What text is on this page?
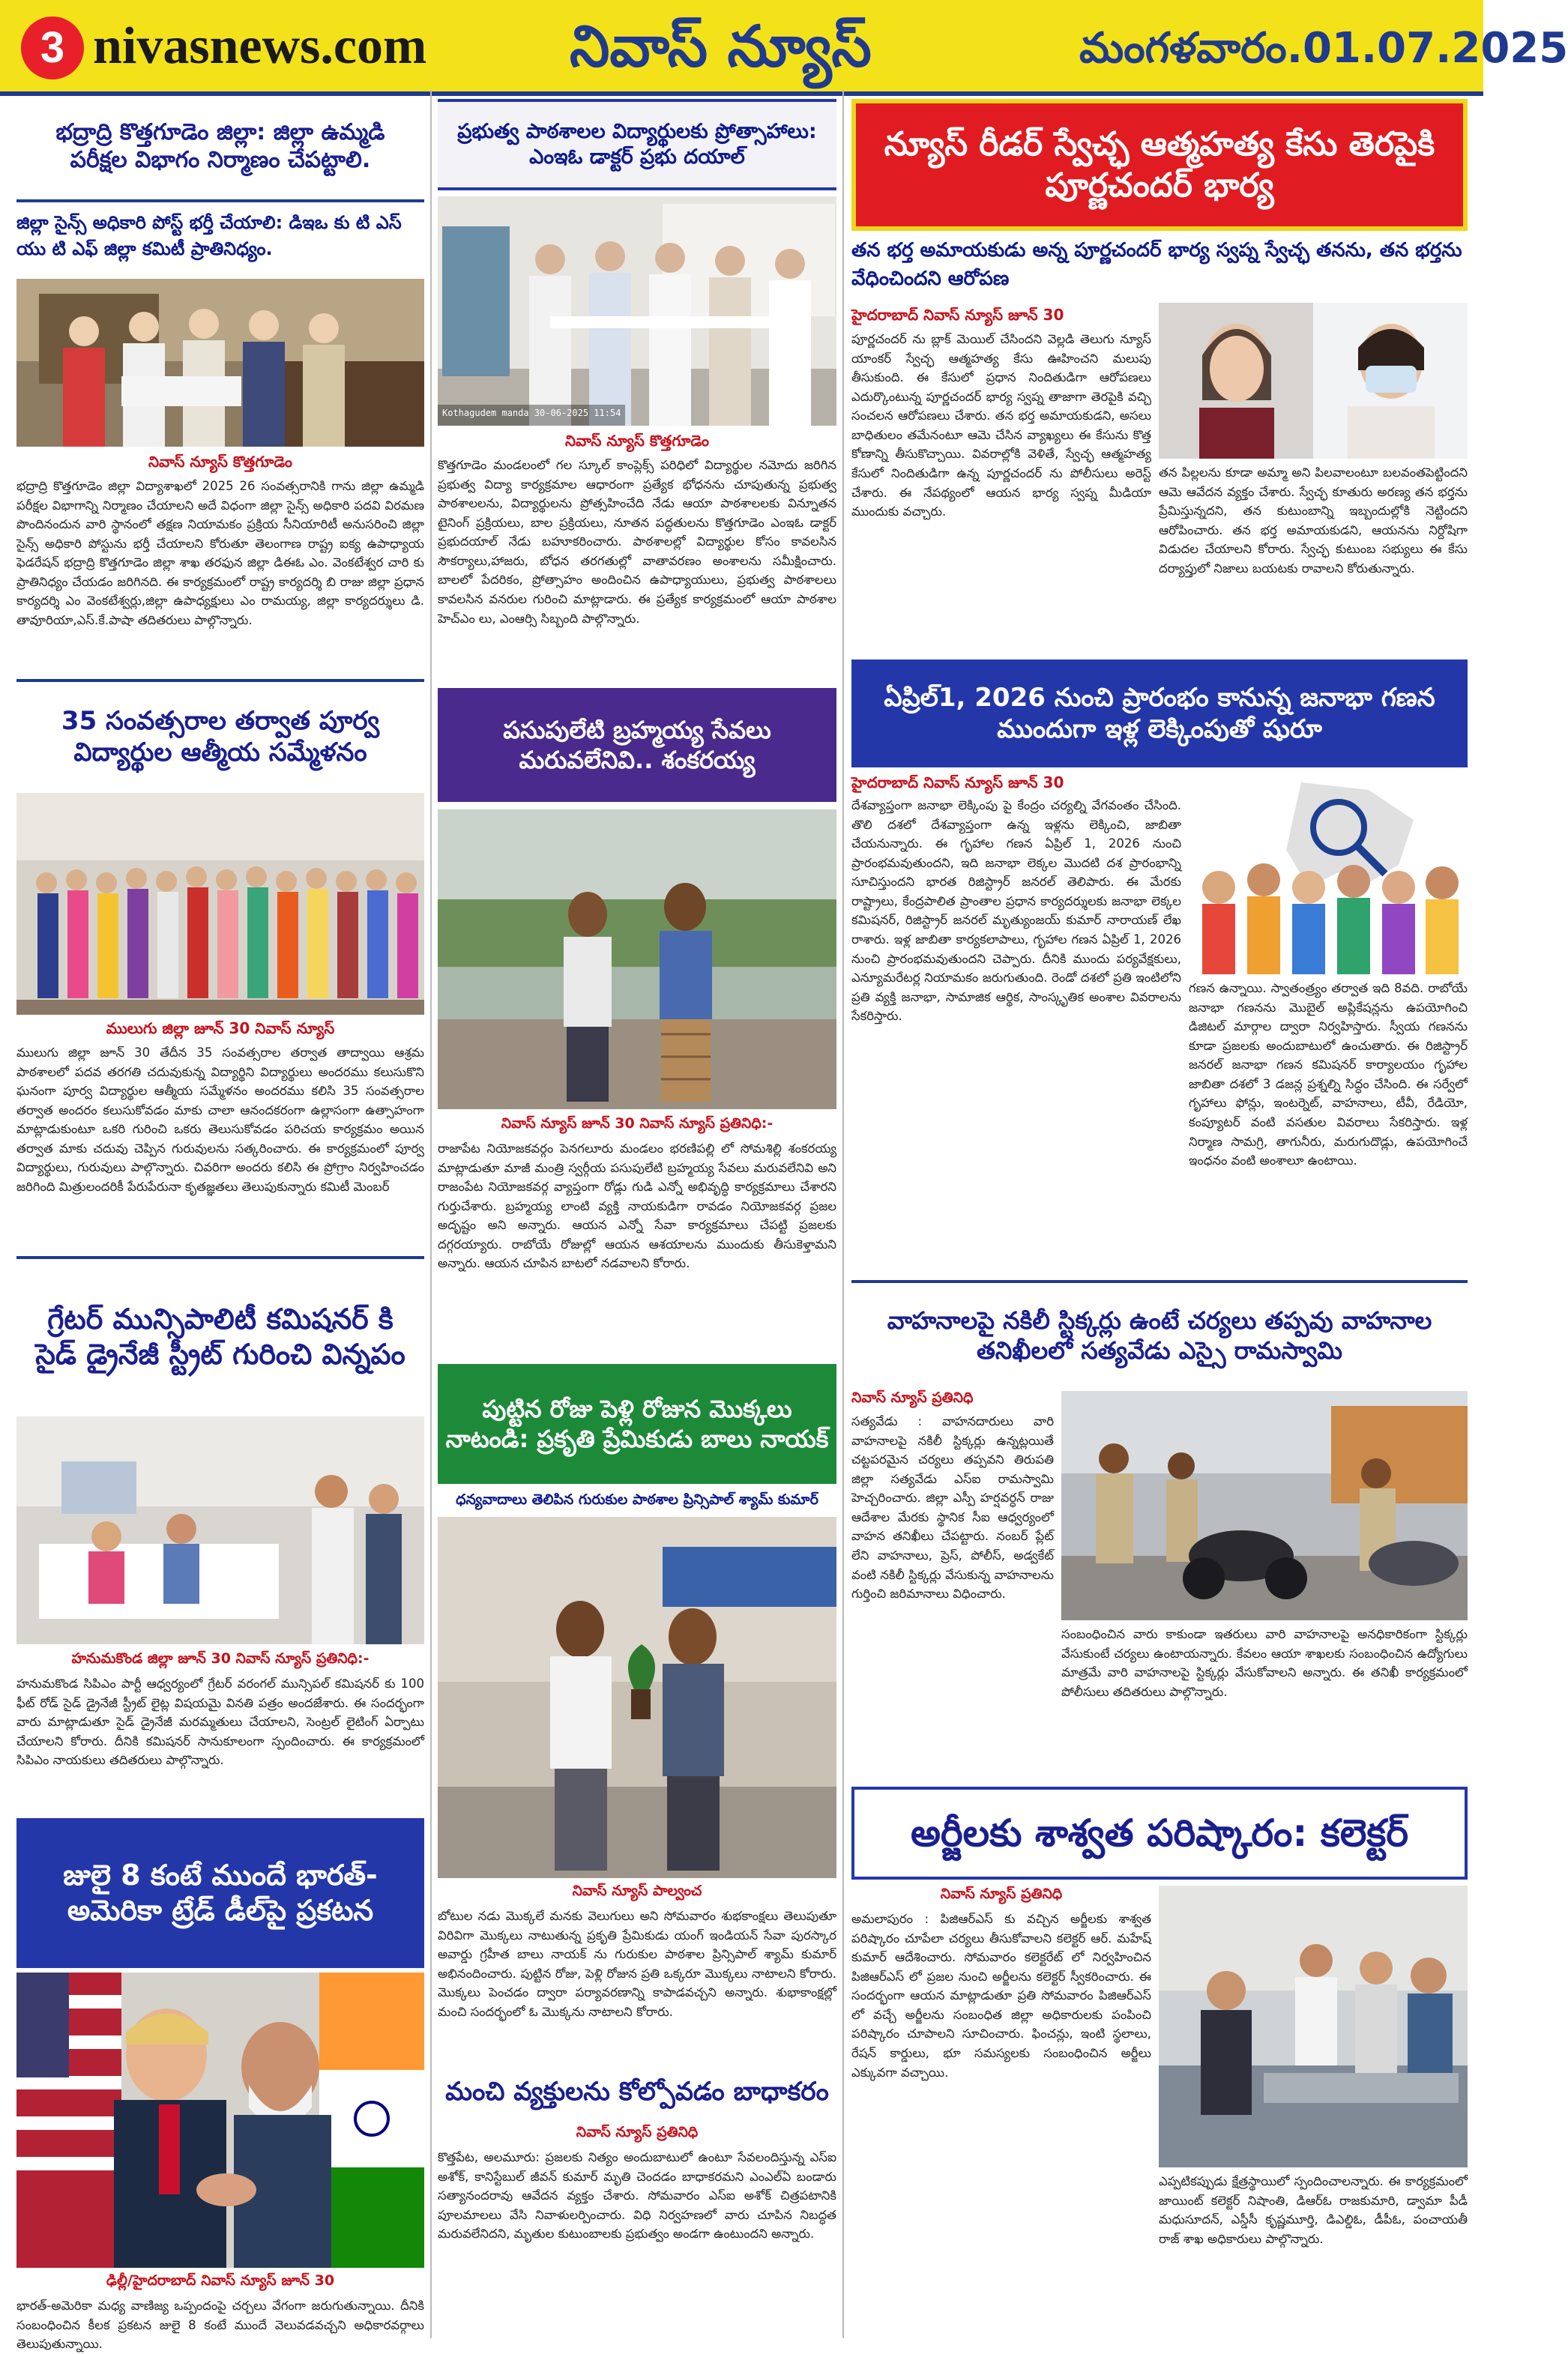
3 nivasnews.com	నివాస్ న్యూస్	మంగళవారం.01.07.2025
భద్రాద్రి కొత్తగూడెం జిల్లా: జిల్లా ఉమ్మడి పరీక్షల విభాగం నిర్మాణం చేపట్టాలి.
జిల్లా సైన్స్ అధికారి పోస్ట్ భర్తీ చేయాలి: డిఇఒ కు టి ఎస్ యు టి ఎఫ్ జిల్లా కమిటీ ప్రాతినిధ్యం.
నివాస్ న్యూస్ కొత్తగూడెం
భద్రాద్రి కొత్తగూడెం జిల్లా విద్యాశాఖలో 2025 26 సంవత్సరానికి గాను జిల్లా ఉమ్మడి పరీక్షల విభాగాన్ని నిర్మాణం చేయాలని అదే విధంగా జిల్లా సైన్స్ అధికారి పదవి విరమణ పొందినందున వారి స్థానంలో తక్షణ నియామకం ప్రక్రియ సీనియారిటీ అనుసరించి జిల్లా సైన్స్ అధికారి పోస్టును భర్తీ చేయాలని కోరుతూ తెలంగాణ రాష్ట్ర ఐక్య ఉపాధ్యాయ ఫెడరేషన్ భద్రాద్రి కొత్తగూడెం జిల్లా శాఖ తరఫున జిల్లా డిఈఓ ఎం. వెంకటేశ్వర చారి కు ప్రాతినిధ్యం చేయడం జరిగినది. ఈ కార్యక్రమంలో రాష్ట్ర కార్యదర్శి బి రాజు జిల్లా ప్రధాన కార్యదర్శి ఎం వెంకటేశ్వర్లు,జిల్లా ఉపాధ్యక్షులు ఎం రామయ్య, జిల్లా కార్యదర్శులు డి. తావూరియా,ఎస్.కే.పాషా తదితరులు పాల్గొన్నారు.
ప్రభుత్వ పాఠశాలల విద్యార్థులకు ప్రోత్సాహాలు: ఎంఇఓ డాక్టర్ ప్రభు దయాల్
Kothagudem manda 30-06-2025 11:54
నివాస్ న్యూస్ కొత్తగూడెం
కొత్తగూడెం మండలంలో గల స్కూల్ కాంప్లెక్స్ పరిధిలో విద్యార్థుల నమోదు జరిగిన ప్రభుత్వ విద్యా కార్యక్రమాల ఆధారంగా ప్రత్యేక భోధనను చూపుతున్న ప్రభుత్వ పాఠశాలలను, విద్యార్థులను ప్రోత్సహించేది నేడు ఆయా పాఠశాలలకు విన్నూతన టైనింగ్ ప్రక్రియలు, బాల ప్రక్రియలు, నూతన పద్ధతులను కొత్తగూడెం ఎంఇఓ డాక్టర్ ప్రభుదయాల్ నేడు బహూకరించారు. పాఠశాలల్లో విద్యార్థుల కోసం కావలసిన సౌకర్యాలు,హాజరు, బోధన తరగతుల్లో వాతావరణం అంశాలను సమీక్షించారు. బాలలో పేదరికం, ప్రోత్సాహం అందించిన ఉపాధ్యాయులు, ప్రభుత్వ పాఠశాలలు కావలసిన వనరుల గురించి మాట్లాడారు. ఈ ప్రత్యేక కార్యక్రమంలో ఆయా పాఠశాల హెచ్ఎం లు, ఎంఆర్సి సిబ్బంది పాల్గొన్నారు.
న్యూస్ రీడర్ స్వేచ్ఛ ఆత్మహత్య కేసు తెరపైకి పూర్ణచందర్ భార్య
తన భర్త అమాయకుడు అన్న పూర్ణచందర్ భార్య స్వప్న స్వేచ్ఛ తనను, తన భర్తను వేధించిందని ఆరోపణ
హైదరాబాద్ నివాస్ న్యూస్ జూన్ 30
పూర్ణచందర్ ను బ్లాక్ మెయిల్ చేసిందని వెల్లడి తెలుగు న్యూస్ యాంకర్ స్వేచ్ఛ ఆత్మహత్య కేసు ఊహించని మలుపు తీసుకుంది. ఈ కేసులో ప్రధాన నిందితుడిగా ఆరోపణలు ఎదుర్కొంటున్న పూర్ణచందర్ భార్య స్వప్న తాజాగా తెరపైకి వచ్చి సంచలన ఆరోపణలు చేశారు. తన భర్త అమాయకుడని, అసలు బాధితులం తమేనంటూ ఆమె చేసిన వ్యాఖ్యలు ఈ కేసును కొత్త కోణాన్ని తీసుకొచ్చాయి. వివరాల్లోకి వెళితే, స్వేచ్ఛ ఆత్మహత్య కేసులో నిందితుడిగా ఉన్న పూర్ణచందర్ ను పోలీసులు అరెస్ట్ చేశారు. ఈ నేపథ్యంలో ఆయన భార్య స్వప్న మీడియా ముందుకు వచ్చారు.
తన పిల్లలను కూడా అమ్మా అని పిలవాలంటూ బలవంతపెట్టిందని ఆమె ఆవేదన వ్యక్తం చేశారు. స్వేచ్ఛ కూతురు అరణ్య తన భర్తను ప్రేమిస్తున్నదని, తన కుటుంబాన్ని ఇబ్బందుల్లోకి నెట్టిందని ఆరోపించారు. తన భర్త అమాయకుడని, ఆయనను నిర్దోషిగా విడుదల చేయాలని కోరారు. స్వేచ్ఛ కుటుంబ సభ్యులు ఈ కేసు దర్యాప్తులో నిజాలు బయటకు రావాలని కోరుతున్నారు.
35 సంవత్సరాల తర్వాత పూర్వ విద్యార్థుల ఆత్మీయ సమ్మేళనం
ములుగు జిల్లా జూన్ 30 నివాస్ న్యూస్
ములుగు జిల్లా జూన్ 30 తేదీన 35 సంవత్సరాల తర్వాత తాద్వాయి ఆశ్రమ పాఠశాలలో పదవ తరగతి చదువుకున్న విద్యార్థిని విద్యార్థులు అందరము కలుసుకొని ఘనంగా పూర్వ విద్యార్థుల ఆత్మీయ సమ్మేళనం అందరము కలిసి 35 సంవత్సరాల తర్వాత అందరం కలుసుకోవడం మాకు చాలా ఆనందకరంగా ఉల్లాసంగా ఉత్సాహంగా మాట్లాడుకుంటూ ఒకరి గురించి ఒకరు తెలుసుకోవడం పరిచయ కార్యక్రమం అయిన తర్వాత మాకు చదువు చెప్పిన గురువులను సత్కరించారు. ఈ కార్యక్రమంలో పూర్వ విద్యార్థులు, గురువులు పాల్గొన్నారు. చివరిగా అందరు కలిసి ఈ ప్రోగ్రాం నిర్వహించడం జరిగింది మిత్రులందరికీ పేరుపేరునా కృతజ్ఞతలు తెలుపుకున్నారు కమిటీ మెంబర్
పసుపులేటి బ్రహ్మయ్య సేవలు మరువలేనివి.. శంకరయ్య
నివాస్ న్యూస్ జూన్ 30 నివాస్ న్యూస్ ప్రతినిధి:-
రాజాపేట నియోజకవర్గం పెనగలూరు మండలం భరణిపల్లి లో సోమశిల్లి శంకరయ్య మాట్లాడుతూ మాజీ మంత్రి స్వర్గీయ పసుపులేటి బ్రహ్మయ్య సేవలు మరువలేనివి అని రాజంపేట నియోజకవర్గ వ్యాప్తంగా రోడ్లు గుడి ఎన్నో అభివృద్ధి కార్యక్రమాలు చేశారని గుర్తుచేశారు. బ్రహ్మయ్య లాంటి వ్యక్తి నాయకుడిగా రావడం నియోజకవర్గ ప్రజల అదృష్టం అని అన్నారు. ఆయన ఎన్నో సేవా కార్యక్రమాలు చేపట్టి ప్రజలకు దగ్గరయ్యారు. రాబోయే రోజుల్లో ఆయన ఆశయాలను ముందుకు తీసుకెళ్తామని అన్నారు. ఆయన చూపిన బాటలో నడవాలని కోరారు.
ఏప్రిల్1, 2026 నుంచి ప్రారంభం కానున్న జనాభా గణన ముందుగా ఇళ్ల లెక్కింపుతో షురూ
హైదరాబాద్ నివాస్ న్యూస్ జూన్ 30
దేశవ్యాప్తంగా జనాభా లెక్కింపు పై కేంద్రం చర్యల్ని వేగవంతం చేసింది. తొలి దశలో దేశవ్యాప్తంగా ఉన్న ఇళ్లను లెక్కించి, జాబితా చేయనున్నారు. ఈ గృహాల గణన ఏప్రిల్ 1, 2026 నుంచి ప్రారంభమవుతుందని, ఇది జనాభా లెక్కల మొదటి దశ ప్రారంభాన్ని సూచిస్తుందని భారత రిజిస్ట్రార్ జనరల్ తెలిపారు. ఈ మేరకు రాష్ట్రాలు, కేంద్రపాలిత ప్రాంతాల ప్రధాన కార్యదర్శులకు జనాభా లెక్కల కమిషనర్, రిజిస్ట్రార్ జనరల్ మృత్యుంజయ్ కుమార్ నారాయణ్ లేఖ రాశారు. ఇళ్ల జాబితా కార్యకలాపాలు, గృహాల గణన ఏప్రిల్ 1, 2026 నుంచి ప్రారంభమవుతుందని చెప్పారు. దీనికి ముందు పర్యవేక్షకులు, ఎన్యూమరేటర్ల నియామకం జరుగుతుంది. రెండో దశలో ప్రతి ఇంటిలోని ప్రతి వ్యక్తి జనాభా, సామాజిక ఆర్థిక, సాంస్కృతిక అంశాల వివరాలను సేకరిస్తారు.
గణన ఉన్నాయి. స్వాతంత్ర్యం తర్వాత ఇది 8వది. రాబోయే జనాభా గణనను మొబైల్ అప్లికేషన్లను ఉపయోగించి డిజిటల్ మార్గాల ద్వారా నిర్వహిస్తారు. స్వీయ గణనను కూడా ప్రజలకు అందుబాటులో ఉంచుతారు. ఈ రిజిస్ట్రార్ జనరల్ జనాభా గణన కమిషనర్ కార్యాలయం గృహాల జాబితా దశలో 3 డజన్ల ప్రశ్నల్ని సిద్ధం చేసింది. ఈ సర్వేలో గృహాలు ఫోన్లు, ఇంటర్నెట్, వాహనాలు, టీవీ, రేడియో, కంప్యూటర్ వంటి వసతుల వివరాలు సేకరిస్తారు. ఇళ్ల నిర్మాణ సామగ్రి, తాగునీరు, మరుగుదొడ్లు, ఉపయోగించే ఇంధనం వంటి అంశాలూ ఉంటాయి.
గ్రేటర్ మున్సిపాలిటీ కమిషనర్ కి సైడ్ డ్రైనేజీ స్ట్రీట్ గురించి విన్నపం
హనుమకొండ జిల్లా జూన్ 30 నివాస్ న్యూస్ ప్రతినిధి:-
హనుమకొండ సిపిఎం పార్టీ ఆధ్వర్యంలో గ్రేటర్ వరంగల్ మున్సిపల్ కమిషనర్ కు 100 ఫీట్ రోడ్ సైడ్ డ్రైనేజీ స్ట్రీట్ లైట్ల విషయమై వినతి పత్రం అందజేశారు. ఈ సందర్భంగా వారు మాట్లాడుతూ సైడ్ డ్రైనేజీ మరమ్మతులు చేయాలని, సెంట్రల్ లైటింగ్ ఏర్పాటు చేయాలని కోరారు. దీనికి కమిషనర్ సానుకూలంగా స్పందించారు. ఈ కార్యక్రమంలో సిపిఎం నాయకులు తదితరులు పాల్గొన్నారు.
పుట్టిన రోజు పెళ్లి రోజున మొక్కలు నాటండి: ప్రకృతి ప్రేమికుడు బాలు నాయక్
ధన్యవాదాలు తెలిపిన గురుకుల పాఠశాల ప్రిన్సిపాల్ శ్యామ్ కుమార్
నివాస్ న్యూస్ పాల్వంచ
బోటుల నడు మొక్కలే మనకు వెలుగులు అని సోమవారం శుభకాంక్షలు తెలుపుతూ విరివిగా మొక్కలు నాటుతున్న ప్రకృతి ప్రేమికుడు యంగ్ ఇండియన్ సేవా పురస్కార అవార్డు గ్రహీత బాలు నాయక్ ను గురుకుల పాఠశాల ప్రిన్సిపాల్ శ్యామ్ కుమార్ అభినందించారు. పుట్టిన రోజు, పెళ్లి రోజున ప్రతి ఒక్కరూ మొక్కలు నాటాలని కోరారు. మొక్కలు పెంచడం ద్వారా పర్యావరణాన్ని కాపాడవచ్చని అన్నారు. శుభాకాంక్షల్లో మంచి సందర్భంలో ఓ మొక్కను నాటాలని కోరారు.
వాహనాలపై నకిలీ స్టిక్కర్లు ఉంటే చర్యలు తప్పవు వాహనాల తనిఖీలలో సత్యవేడు ఎస్సై రామస్వామి
నివాస్ న్యూస్ ప్రతినిధి
సత్యవేడు : వాహనదారులు వారి వాహనాలపై నకిలీ స్టిక్కర్లు ఉన్నట్లయితే చట్టపరమైన చర్యలు తప్పవని తిరుపతి జిల్లా సత్యవేడు ఎస్ఐ రామస్వామి హెచ్చరించారు. జిల్లా ఎస్పీ హర్షవర్ధన్ రాజు ఆదేశాల మేరకు స్థానిక సీఐ ఆధ్వర్యంలో వాహన తనిఖీలు చేపట్టారు. నంబర్ ప్లేట్ లేని వాహనాలు, ప్రెస్, పోలీస్, అడ్వకేట్ వంటి నకిలీ స్టిక్కర్లు వేసుకున్న వాహనాలను గుర్తించి జరిమానాలు విధించారు.
సంబంధించిన వారు కాకుండా ఇతరులు వారి వాహనాలపై అనధికారికంగా స్టిక్కర్లు వేసుకుంటే చర్యలు ఉంటాయన్నారు. కేవలం ఆయా శాఖలకు సంబంధించిన ఉద్యోగులు మాత్రమే వారి వాహనాలపై స్టిక్కర్లు వేసుకోవాలని అన్నారు. ఈ తనిఖీ కార్యక్రమంలో పోలీసులు తదితరులు పాల్గొన్నారు.
జులై 8 కంటే ముందే భారత్-అమెరికా ట్రేడ్ డీల్‌పై ప్రకటన
ఢిల్లీ/హైదరాబాద్ నివాస్ న్యూస్ జూన్ 30
భారత్-అమెరికా మధ్య వాణిజ్య ఒప్పందంపై చర్చలు వేగంగా జరుగుతున్నాయి. దీనికి సంబంధించిన కీలక ప్రకటన జులై 8 కంటే ముందే వెలువడవచ్చని అధికారవర్గాలు తెలుపుతున్నాయి.
మంచి వ్యక్తులను కోల్పోవడం బాధాకరం
నివాస్ న్యూస్ ప్రతినిధి
కొత్తపేట, అలమూరు: ప్రజలకు నిత్యం అందుబాటులో ఉంటూ సేవలందిస్తున్న ఎస్ఐ అశోక్, కానిస్టేబుల్ జీవన్ కుమార్ మృతి చెందడం బాధాకరమని ఎంఎల్ఏ బండారు సత్యానందరావు ఆవేదన వ్యక్తం చేశారు. సోమవారం ఎస్ఐ అశోక్ చిత్రపటానికి పూలమాలలు వేసి నివాళులర్పించారు. విధి నిర్వహణలో వారు చూపిన నిబద్ధత మరువలేనిదని, మృతుల కుటుంబాలకు ప్రభుత్వం అండగా ఉంటుందని అన్నారు.
అర్జీలకు శాశ్వత పరిష్కారం: కలెక్టర్
నివాస్ న్యూస్ ప్రతినిధి
అమలాపురం : పిజిఆర్ఎస్ కు వచ్చిన అర్జీలకు శాశ్వత పరిష్కారం చూపేలా చర్యలు తీసుకోవాలని కలెక్టర్ ఆర్. మహేష్ కుమార్ ఆదేశించారు. సోమవారం కలెక్టరేట్ లో నిర్వహించిన పిజిఆర్ఎస్ లో ప్రజల నుంచి అర్జీలను కలెక్టర్ స్వీకరించారు. ఈ సందర్భంగా ఆయన మాట్లాడుతూ ప్రతి సోమవారం పిజిఆర్ఎస్ లో వచ్చే అర్జీలను సంబంధిత జిల్లా అధికారులకు పంపించి పరిష్కారం చూపాలని సూచించారు. ఫించన్లు, ఇంటి స్థలాలు, రేషన్ కార్డులు, భూ సమస్యలకు సంబంధించిన అర్జీలు ఎక్కువగా వచ్చాయి.
ఎప్పటికప్పుడు క్షేత్రస్థాయిలో స్పందించాలన్నారు. ఈ కార్యక్రమంలో జాయింట్ కలెక్టర్ నిషాంతి, డిఆర్ఓ రాజకుమారి, డ్వామా పీడీ మధుసూదన్, ఎస్డీసీ కృష్ణమూర్తి, డిఎల్డిఓ, డీపీఓ, పంచాయతీ రాజ్ శాఖ అధికారులు పాల్గొన్నారు.
